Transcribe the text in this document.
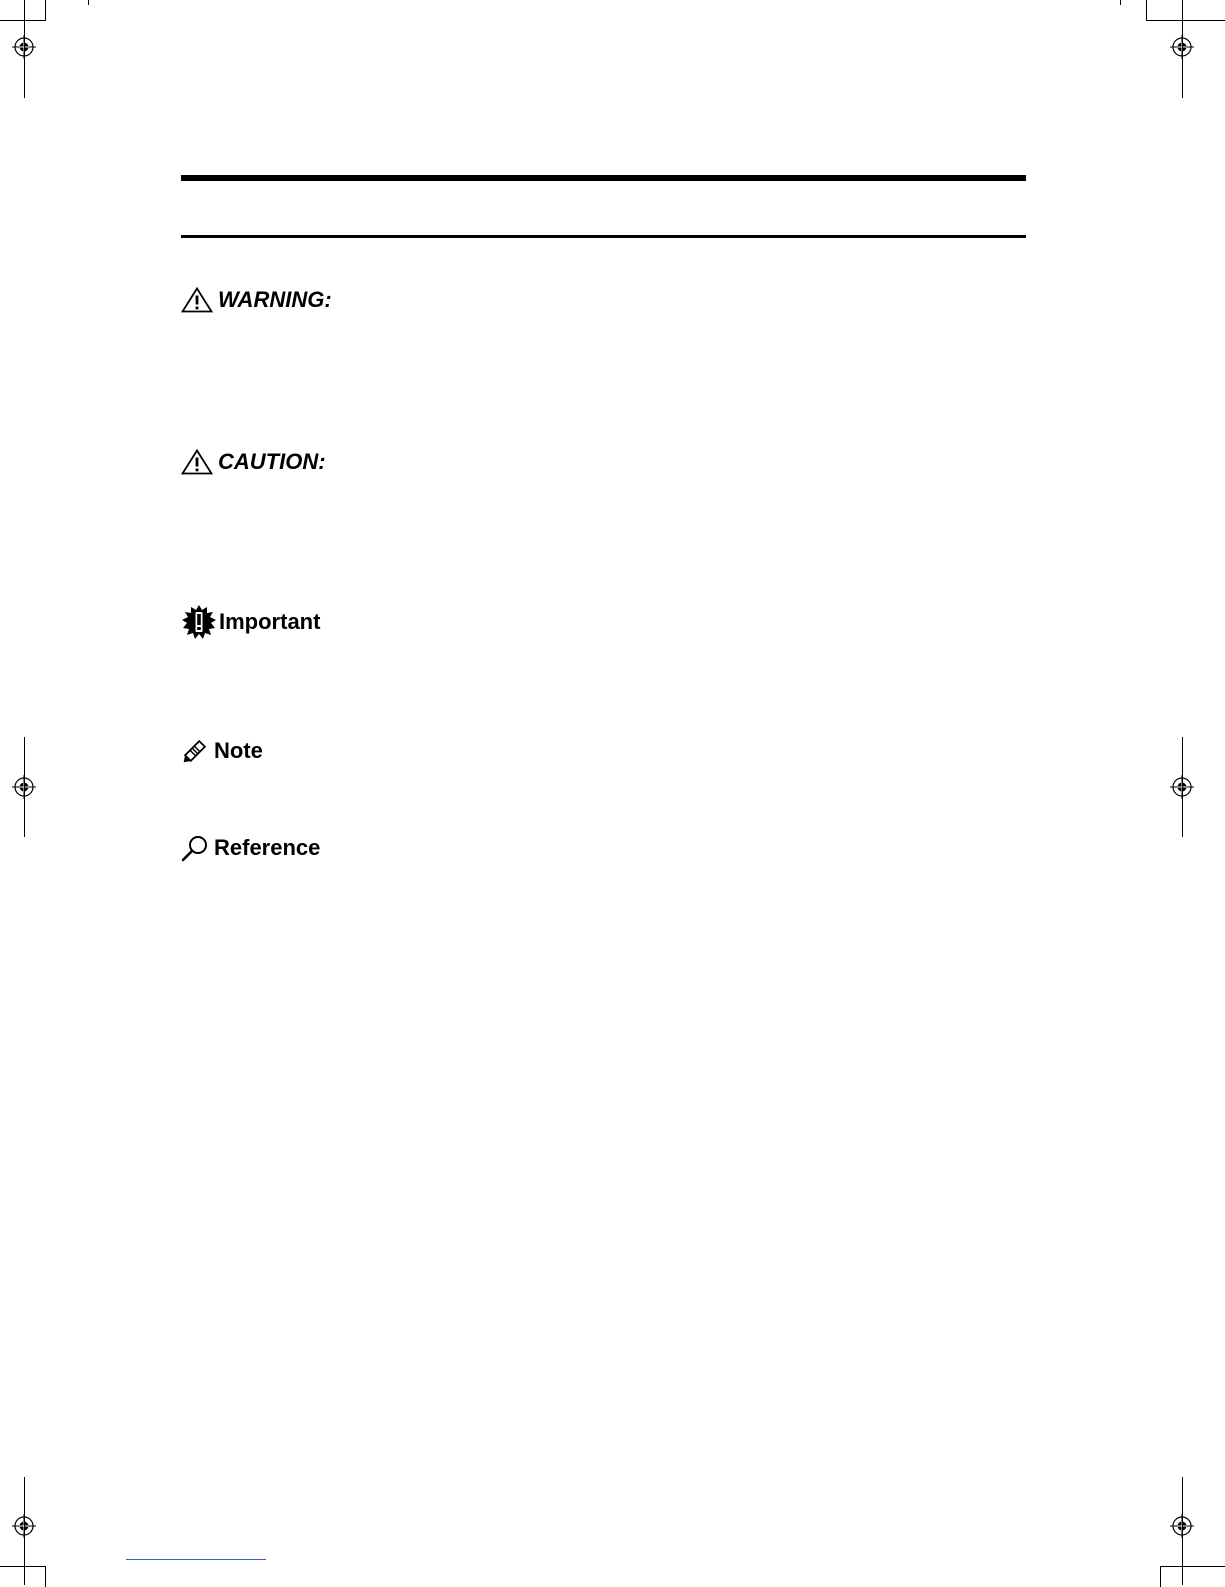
WARNING:
CAUTION:
Important
Note
Reference
